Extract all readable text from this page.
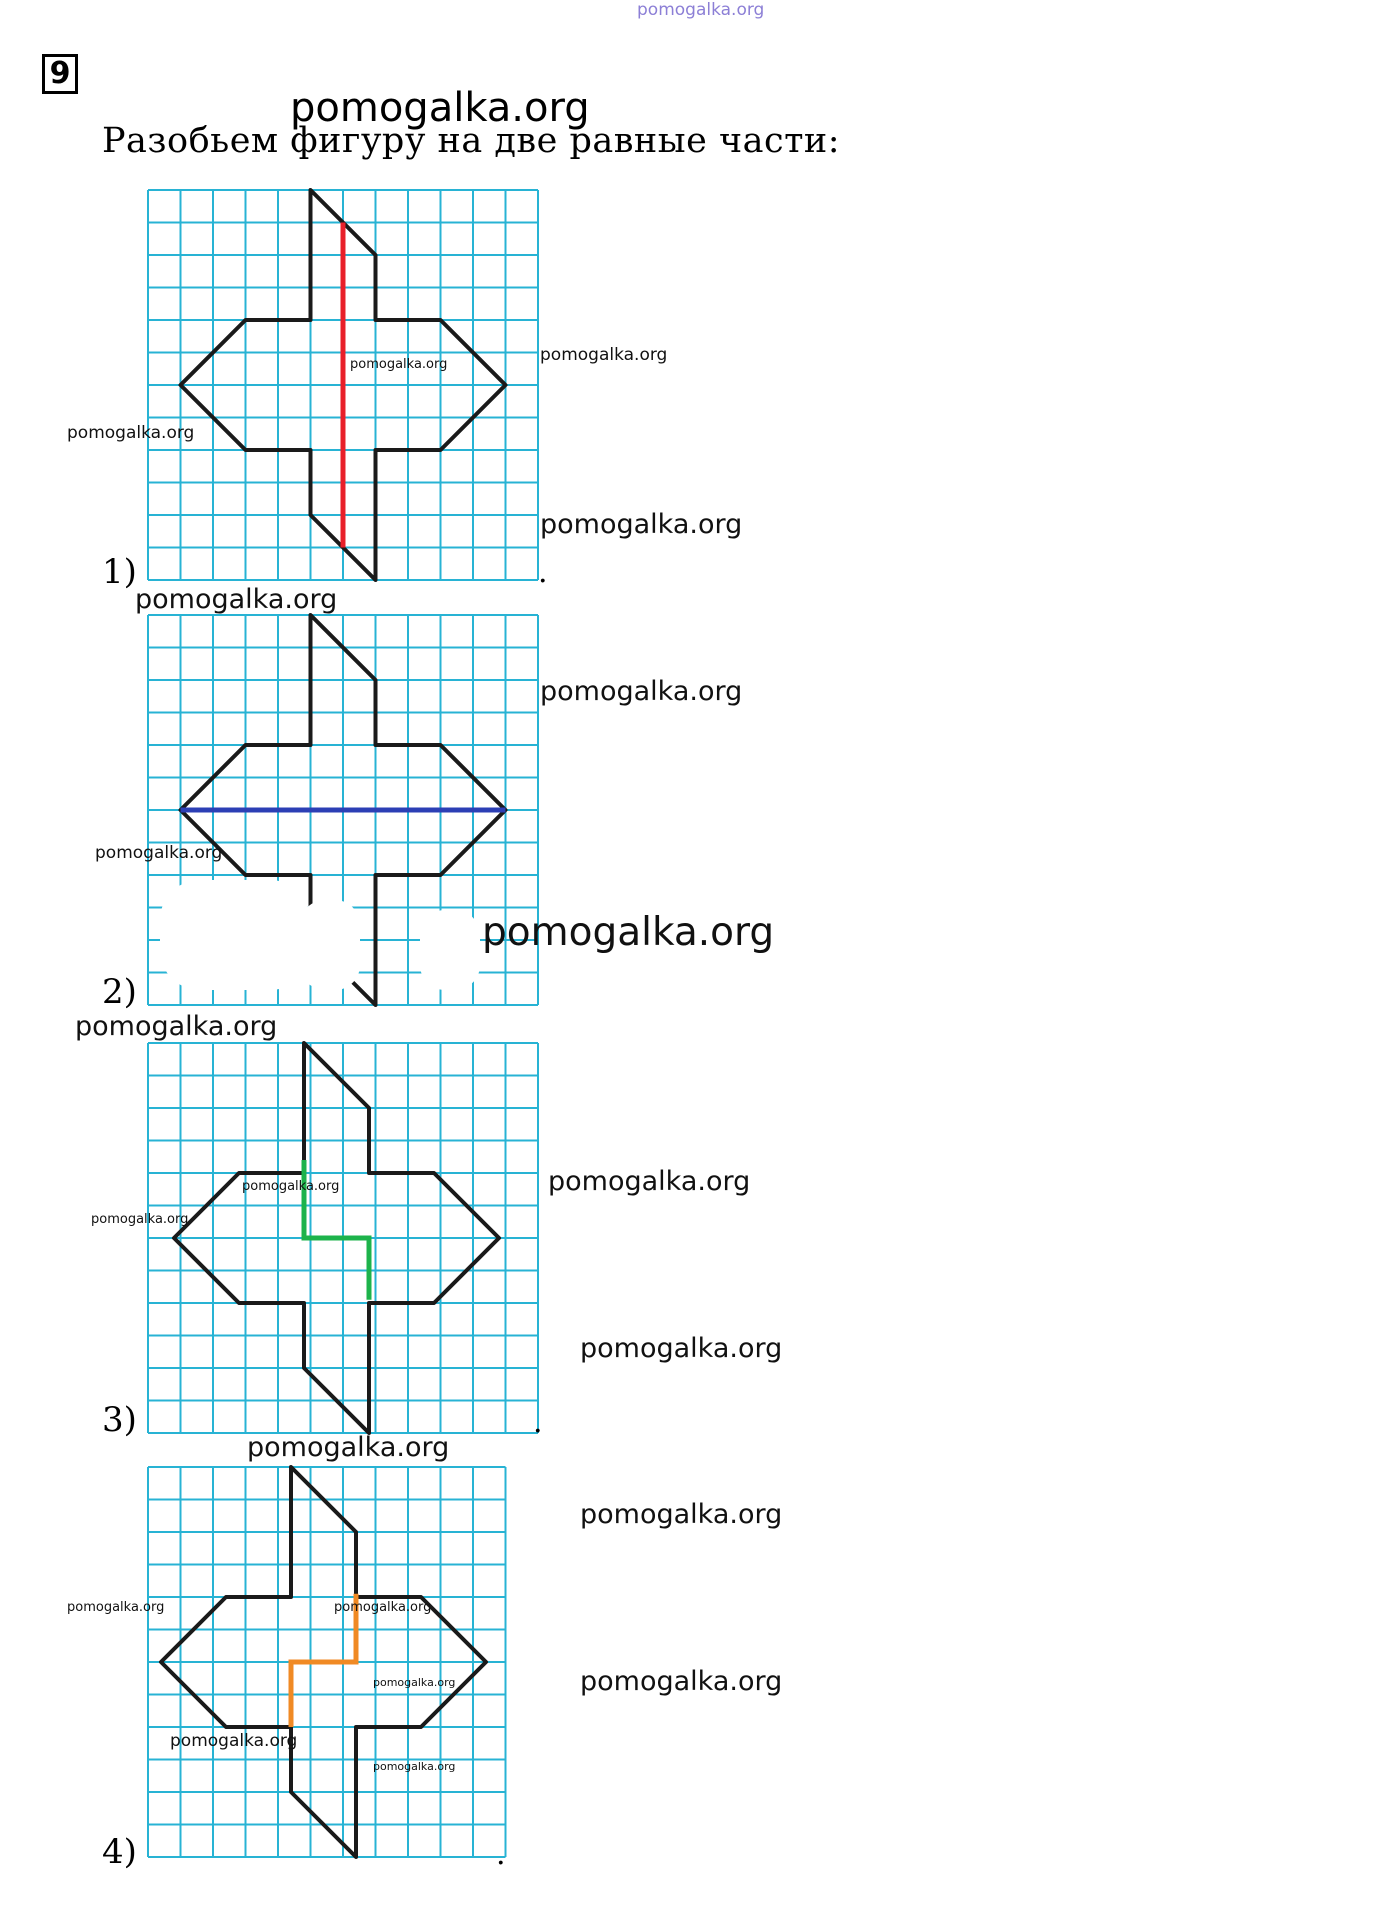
pomogalka.org
9
pomogalka.org
Разобьем фигуру на две равные части:
1)	.
2)
3)	.
4)	.
pomogalka.org	pomogalka.org
pomogalka.org
pomogalka.org
pomogalka.org
pomogalka.org
pomogalka.org
pomogalka.org
pomogalka.org
pomogalka.org
pomogalka.org
pomogalka.org
pomogalka.org
pomogalka.org
pomogalka.org
pomogalka.org	pomogalka.org
pomogalka.org
pomogalka.org
pomogalka.org
pomogalka.org
